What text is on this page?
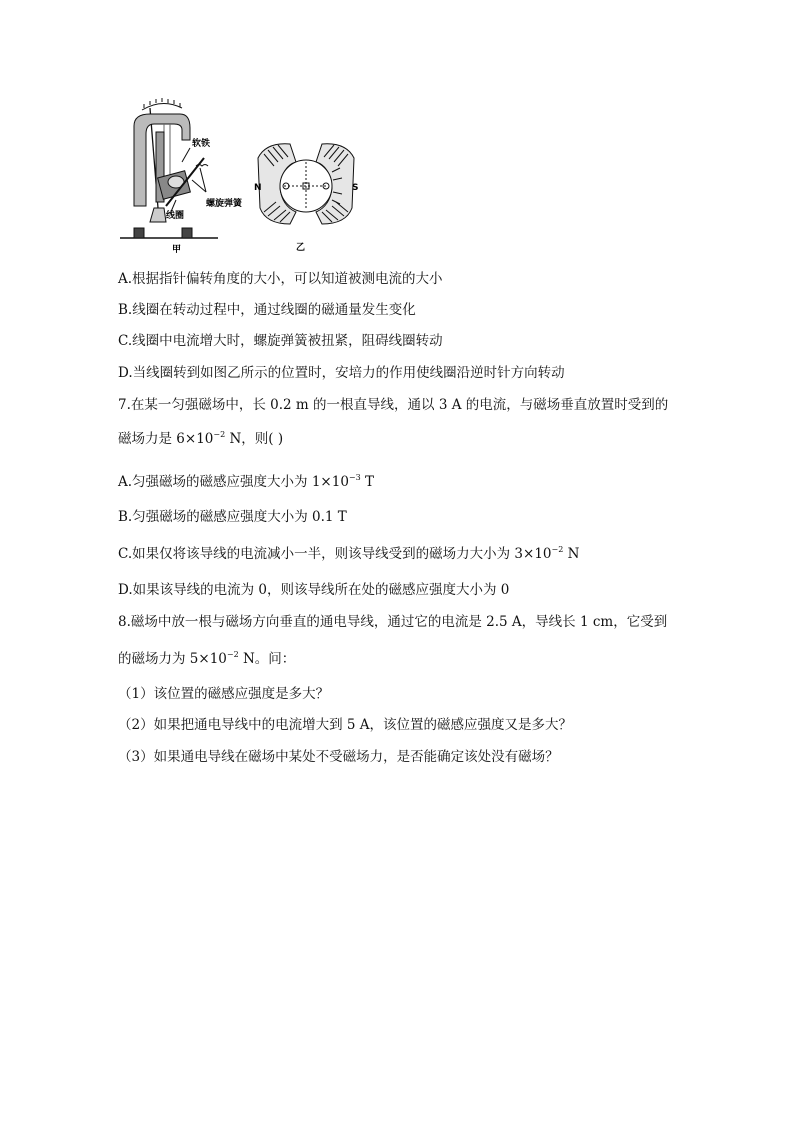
软铁
螺旋弹簧
线圈
甲
N	S
乙
A.根据指针偏转角度的大小，可以知道被测电流的大小
B.线圈在转动过程中，通过线圈的磁通量发生变化
C.线圈中电流增大时，螺旋弹簧被扭紧，阻碍线圈转动
D.当线圈转到如图乙所示的位置时，安培力的作用使线圈沿逆时针方向转动
7.在某一匀强磁场中，长 0.2 m 的一根直导线，通以 3 A 的电流，与磁场垂直放置时受到的
磁场力是 $6\times 10^{-2}$ N，则( )
A.匀强磁场的磁感应强度大小为 $1\times 10^{-3}$ T
B.匀强磁场的磁感应强度大小为 0.1 T
C.如果仅将该导线的电流减小一半，则该导线受到的磁场力大小为 $3\times 10^{-2}$ N
D.如果该导线的电流为 0，则该导线所在处的磁感应强度大小为 0
8.磁场中放一根与磁场方向垂直的通电导线，通过它的电流是 2.5 A，导线长 1 cm，它受到
的磁场力为 $5\times 10^{-2}$ N。问：
（1）该位置的磁感应强度是多大？
（2）如果把通电导线中的电流增大到 5 A，该位置的磁感应强度又是多大？
（3）如果通电导线在磁场中某处不受磁场力，是否能确定该处没有磁场？
